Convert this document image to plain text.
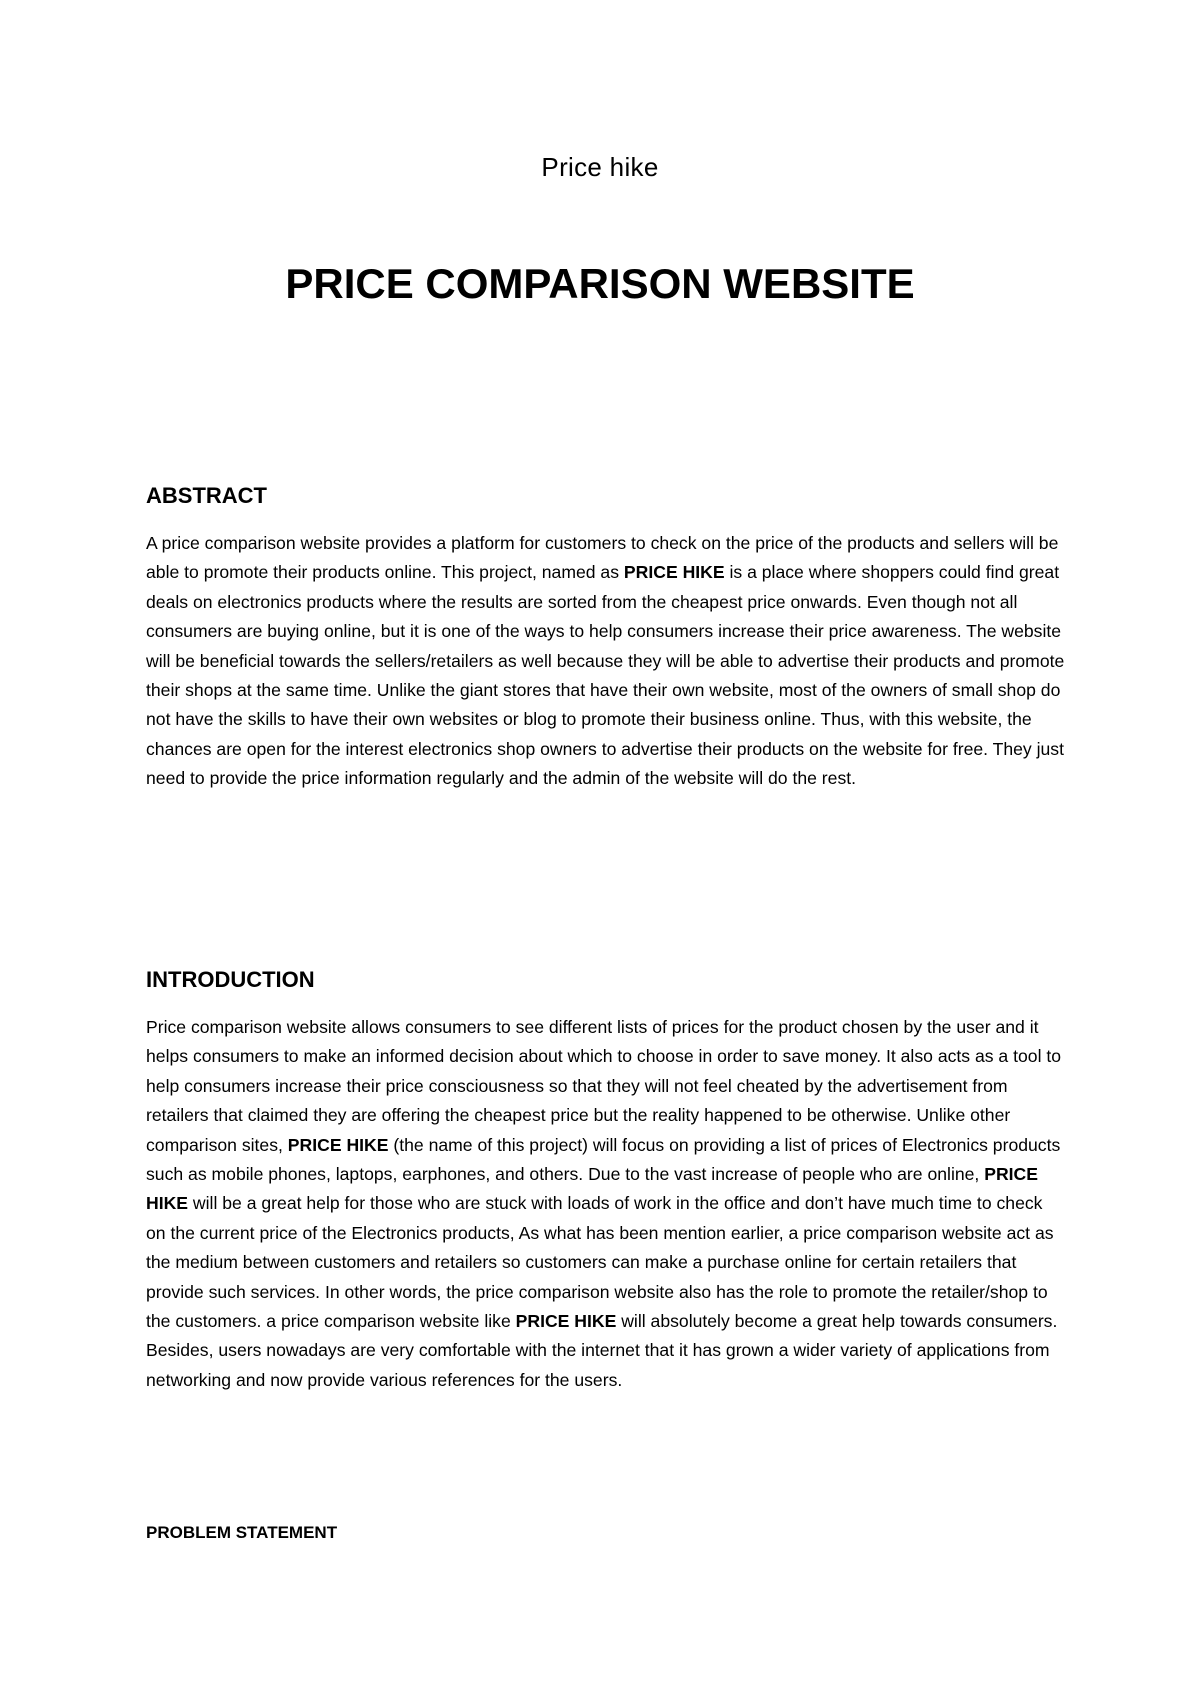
Price hike
PRICE COMPARISON WEBSITE
ABSTRACT

A price comparison website provides a platform for customers to check on the price of the products and sellers will be able to promote their products online. This project, named as PRICE HIKE is a place where shoppers could find great deals on electronics products where the results are sorted from the cheapest price onwards. Even though not all consumers are buying online, but it is one of the ways to help consumers increase their price awareness. The website will be beneficial towards the sellers/retailers as well because they will be able to advertise their products and promote their shops at the same time. Unlike the giant stores that have their own website, most of the owners of small shop do not have the skills to have their own websites or blog to promote their business online. Thus, with this website, the chances are open for the interest electronics shop owners to advertise their products on the website for free. They just need to provide the price information regularly and the admin of the website will do the rest.

INTRODUCTION

Price comparison website allows consumers to see different lists of prices for the product chosen by the user and it helps consumers to make an informed decision about which to choose in order to save money. It also acts as a tool to help consumers increase their price consciousness so that they will not feel cheated by the advertisement from retailers that claimed they are offering the cheapest price but the reality happened to be otherwise. Unlike other comparison sites, PRICE HIKE (the name of this project) will focus on providing a list of prices of Electronics products such as mobile phones, laptops, earphones, and others. Due to the vast increase of people who are online, PRICE HIKE will be a great help for those who are stuck with loads of work in the office and don’t have much time to check on the current price of the Electronics products, As what has been mention earlier, a price comparison website act as the medium between customers and retailers so customers can make a purchase online for certain retailers that provide such services. In other words, the price comparison website also has the role to promote the retailer/shop to the customers. a price comparison website like PRICE HIKE will absolutely become a great help towards consumers. Besides, users nowadays are very comfortable with the internet that it has grown a wider variety of applications from networking and now provide various references for the users.

PROBLEM STATEMENT
